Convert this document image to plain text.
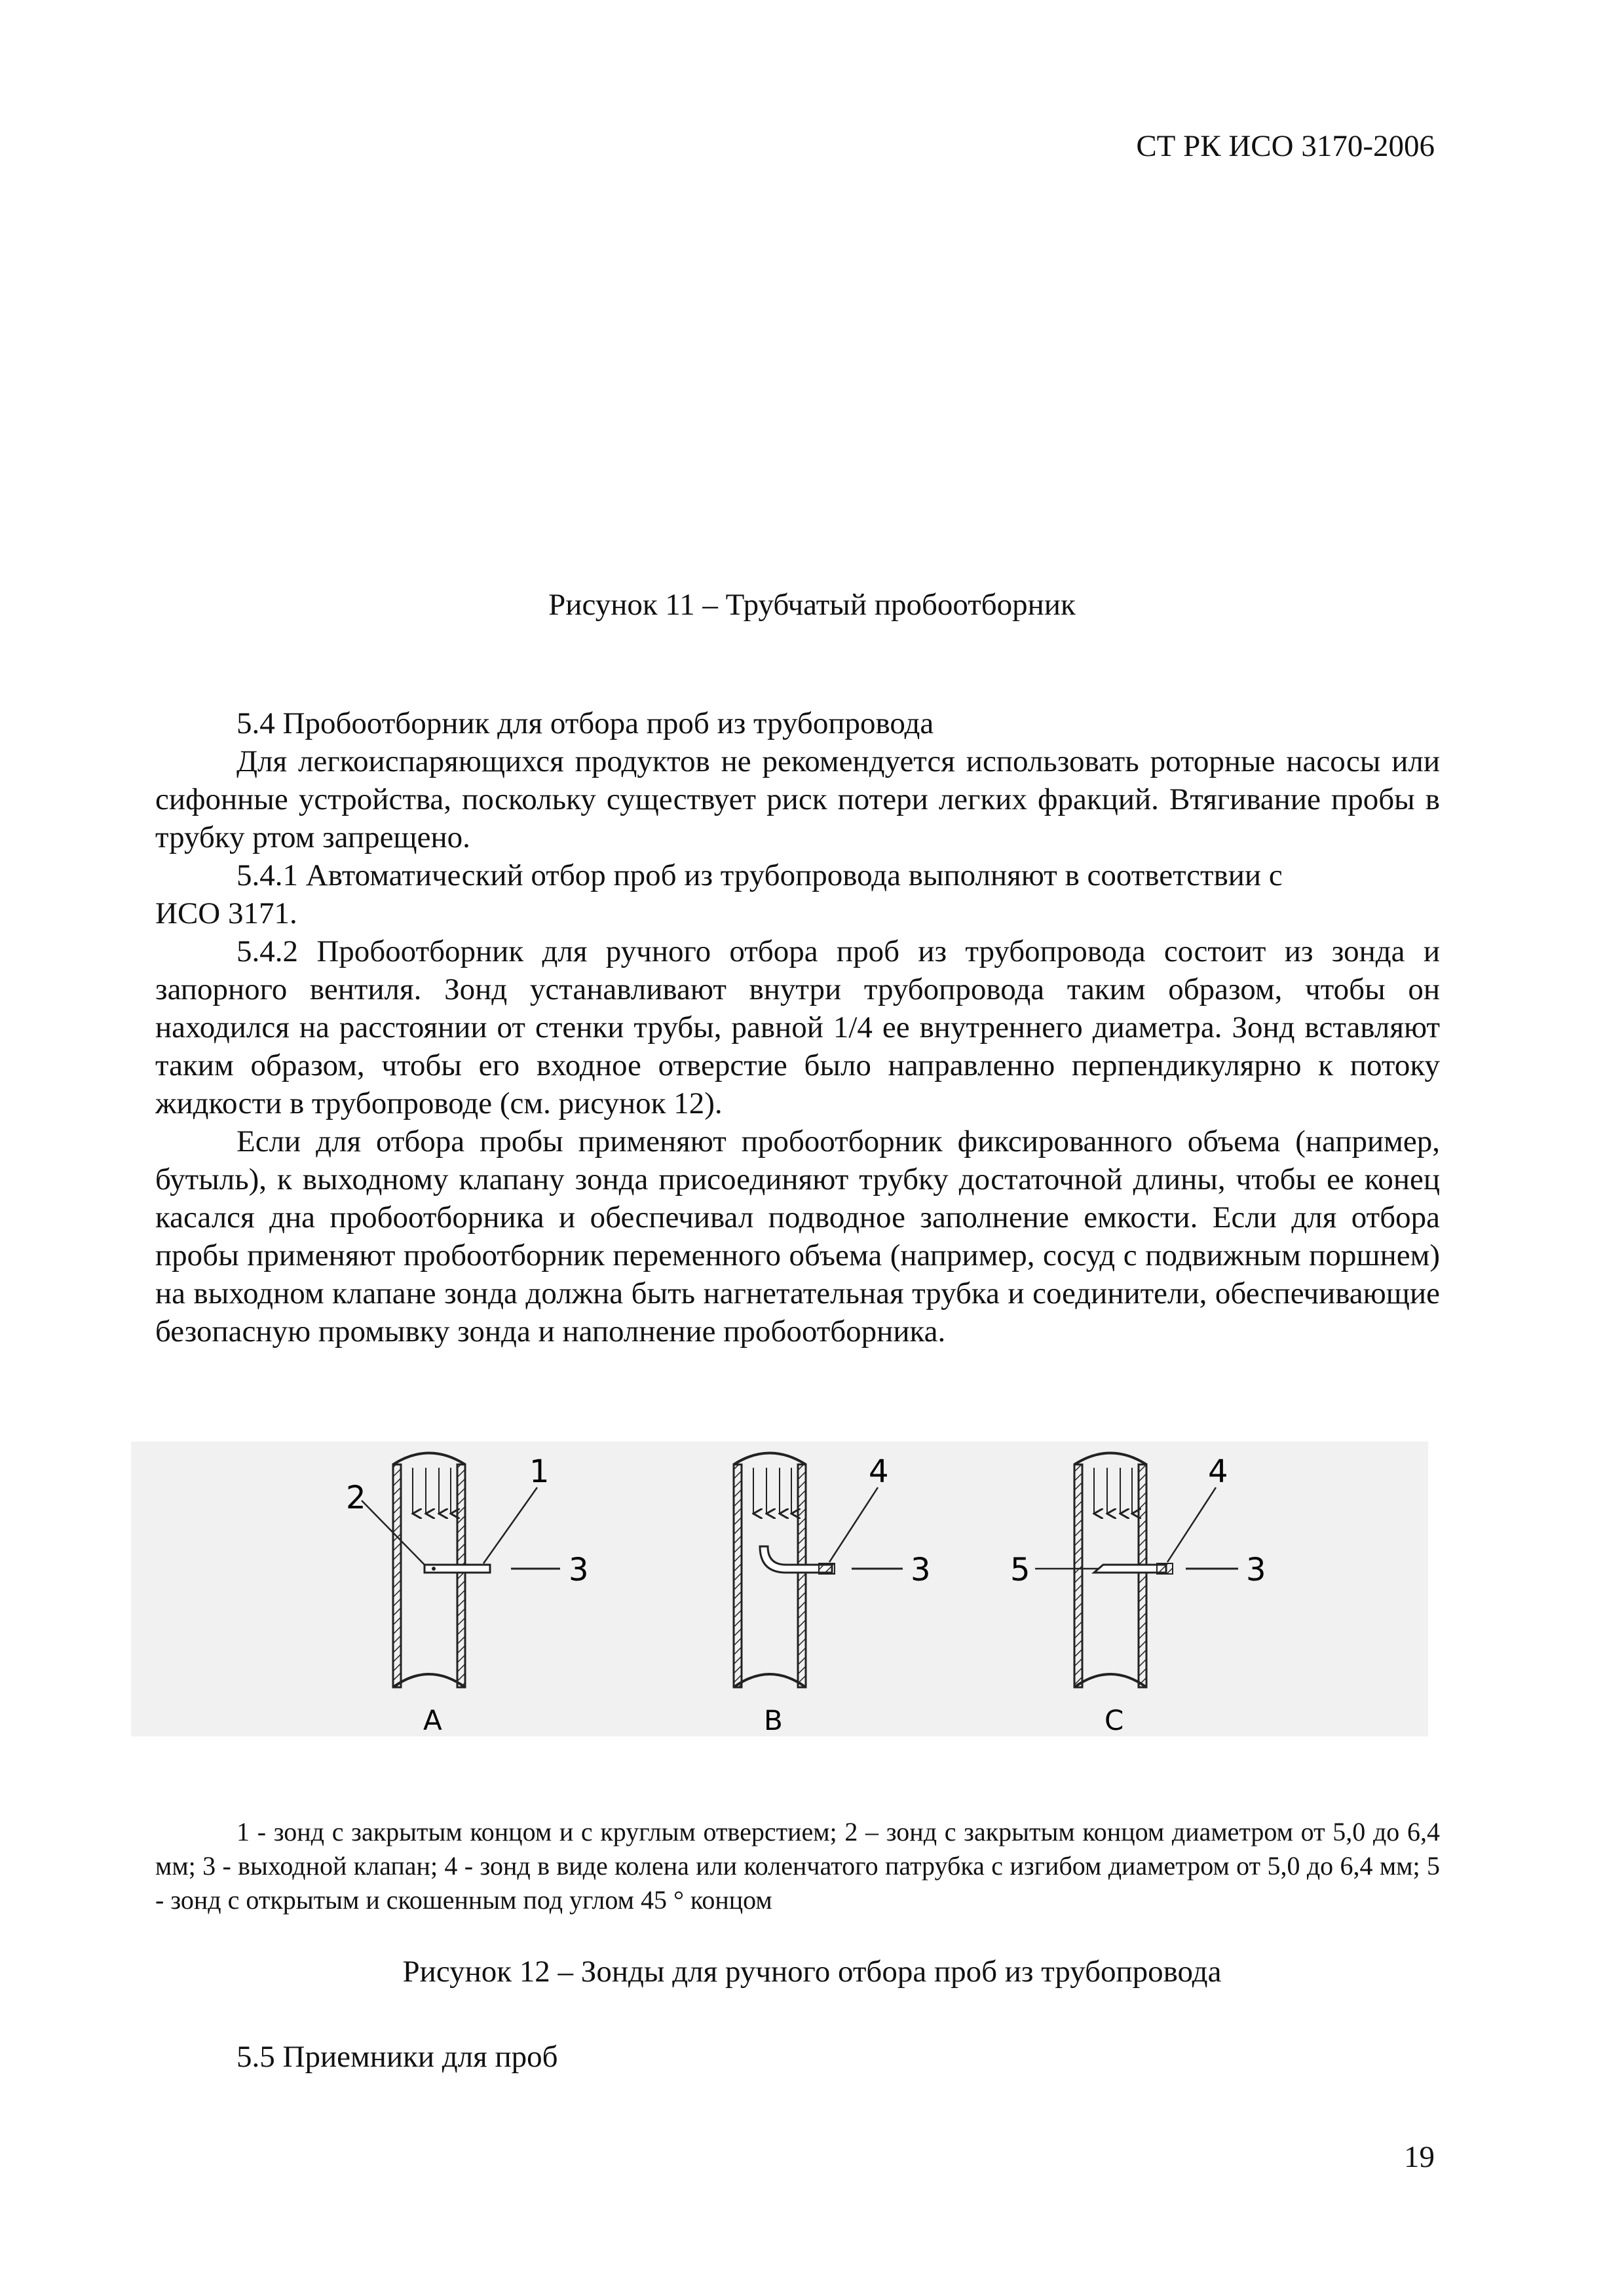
СТ РК ИСО 3170-2006
Рисунок 11 – Трубчатый пробоотборник

5.4 Пробоотборник для отбора проб из трубопровода

Для легкоиспаряющихся продуктов не рекомендуется использовать роторные насосы или сифонные устройства, поскольку существует риск потери легких фракций. Втягивание пробы в трубку ртом запрещено.

5.4.1 Автоматический отбор проб из трубопровода выполняют в соответствии с

ИСО 3171.

5.4.2 Пробоотборник для ручного отбора проб из трубопровода состоит из зонда и запорного вентиля. Зонд устанавливают внутри трубопровода таким образом, чтобы он находился на расстоянии от стенки трубы, равной 1/4 ее внутреннего диаметра. Зонд вставляют таким образом, чтобы его входное отверстие было направленно перпендикулярно к потоку жидкости в трубопроводе (см. рисунок 12).

Если для отбора пробы применяют пробоотборник фиксированного объема (например, бутыль), к выходному клапану зонда присоединяют трубку достаточной длины, чтобы ее конец касался дна пробоотборника и обеспечивал подводное заполнение емкости. Если для отбора пробы применяют пробоотборник переменного объема (например, сосуд с подвижным поршнем) на выходном клапане зонда должна быть нагнетательная трубка и соединители, обеспечивающие безопасную промывку зонда и наполнение пробоотборника.

2
1
3
А
4
3
В
5
4
3
С

1 - зонд с закрытым концом и с круглым отверстием; 2 – зонд с закрытым концом диаметром от 5,0 до 6,4 мм; 3 - выходной клапан; 4 - зонд в виде колена или коленчатого патрубка с изгибом диаметром от 5,0 до 6,4 мм; 5 - зонд с открытым и скошенным под углом 45 ° концом

Рисунок 12 – Зонды для ручного отбора проб из трубопровода
5.5 Приемники для проб
19
